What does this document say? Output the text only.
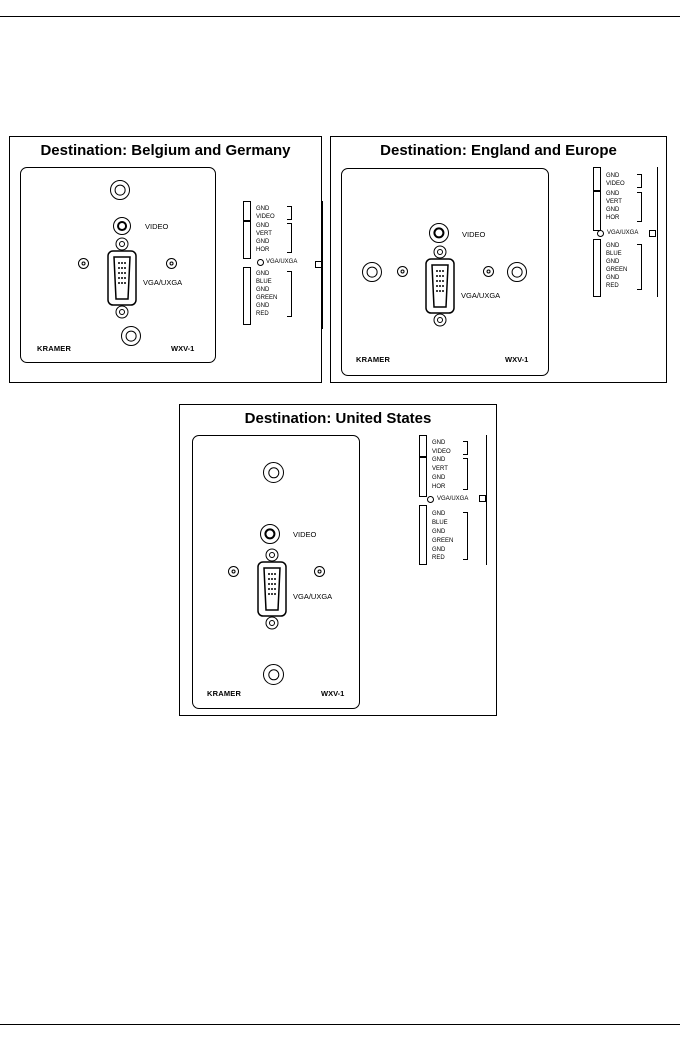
Destination: Belgium and Germany
VIDEO
VGA/UXGA
KRAMER	WXV-1
GND
VIDEO
GND
VERT
GND
HOR
VGA/UXGA
GND
BLUE
GND
GREEN
GND
RED
Destination: England and Europe
VIDEO
VGA/UXGA
KRAMER	WXV-1
GND
VIDEO
GND
VERT
GND
HOR
VGA/UXGA
GND
BLUE
GND
GREEN
GND
RED
Destination: United States
VIDEO
VGA/UXGA
KRAMER	WXV-1
GND
VIDEO
GND
VERT
GND
HOR
VGA/UXGA
GND
BLUE
GND
GREEN
GND
RED
